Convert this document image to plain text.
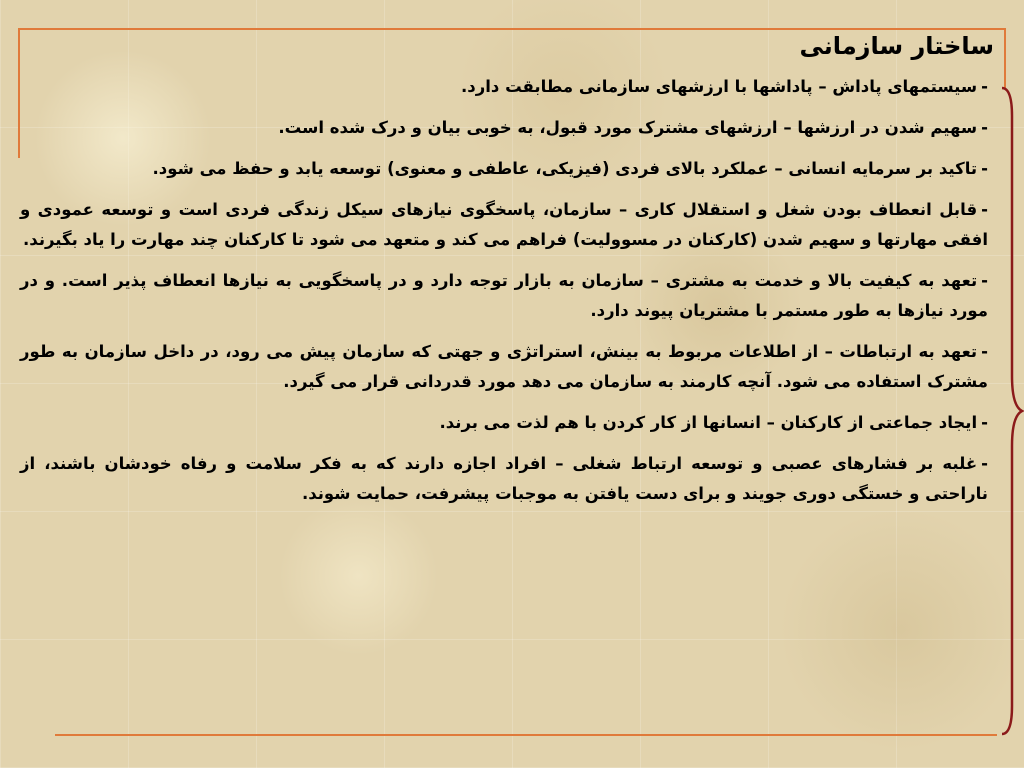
ساختار سازمانی

-سیستمهای پاداش – پاداشها با ارزشهای سازمانی مطابقت دارد.

-سهیم شدن در ارزشها – ارزشهای مشترک مورد قبول، به خوبی بیان و درک شده است.

-تاکید بر سرمایه انسانی – عملکرد بالای فردی (فیزیکی، عاطفی و معنوی) توسعه یابد و حفظ می شود.

-قابل انعطاف بودن شغل و استقلال کاری – سازمان، پاسخگوی نیازهای سیکل زندگی فردی است و توسعه عمودی و افقی مهارتها و سهیم شدن (کارکنان در مسوولیت) فراهم می کند و متعهد می شود تا کارکنان چند مهارت را یاد بگیرند.

-تعهد به کیفیت بالا و خدمت به مشتری – سازمان به بازار توجه دارد و در پاسخگویی به نیازها انعطاف پذیر است. و در مورد نیازها به طور مستمر با مشتریان پیوند دارد.

-تعهد به ارتباطات – از اطلاعات مربوط به بینش، استراتژی و جهتی که سازمان پیش می رود، در داخل سازمان به طور مشترک استفاده می شود. آنچه کارمند به سازمان می دهد مورد قدردانی قرار می گیرد.

-ایجاد جماعتی از کارکنان – انسانها از کار کردن با هم لذت می برند.

-غلبه بر فشارهای عصبی و توسعه ارتباط شغلی – افراد اجازه دارند که به فکر سلامت و رفاه خودشان باشند، از ناراحتی و خستگی دوری جویند و برای دست یافتن به موجبات پیشرفت، حمایت شوند.
